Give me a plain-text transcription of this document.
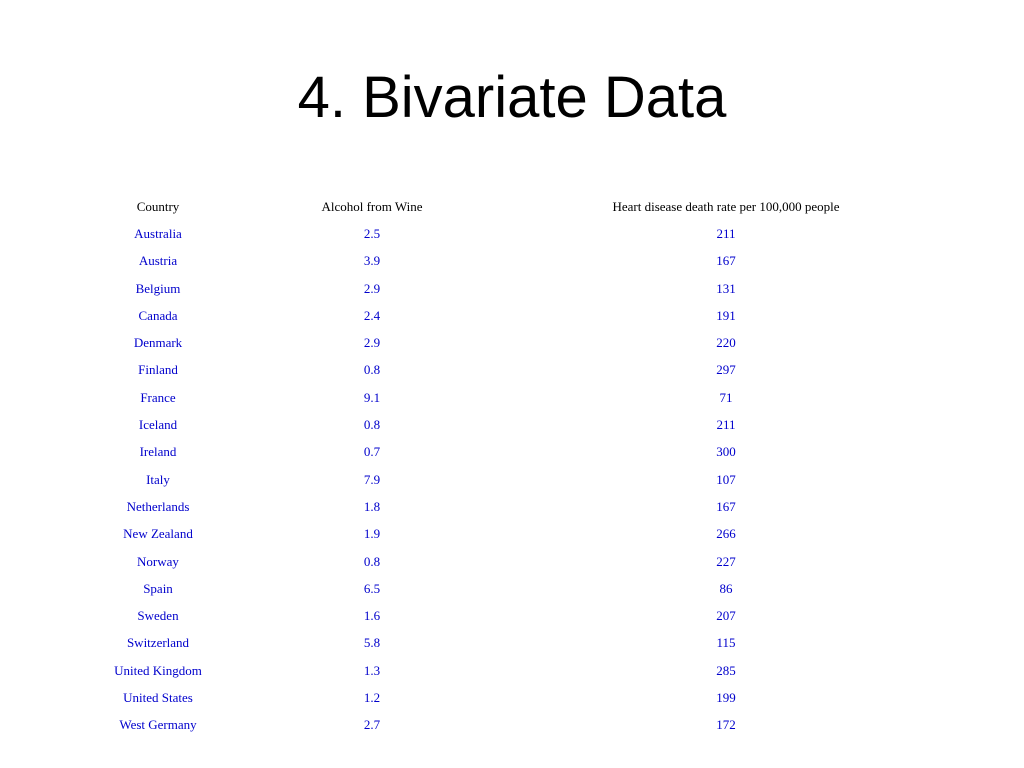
4. Bivariate Data
Country	Alcohol from Wine	Heart disease death rate per 100,000 people
Australia	2.5	211
Austria	3.9	167
Belgium	2.9	131
Canada	2.4	191
Denmark	2.9	220
Finland	0.8	297
France	9.1	71
Iceland	0.8	211
Ireland	0.7	300
Italy	7.9	107
Netherlands	1.8	167
New Zealand	1.9	266
Norway	0.8	227
Spain	6.5	86
Sweden	1.6	207
Switzerland	5.8	115
United Kingdom	1.3	285
United States	1.2	199
West Germany	2.7	172
